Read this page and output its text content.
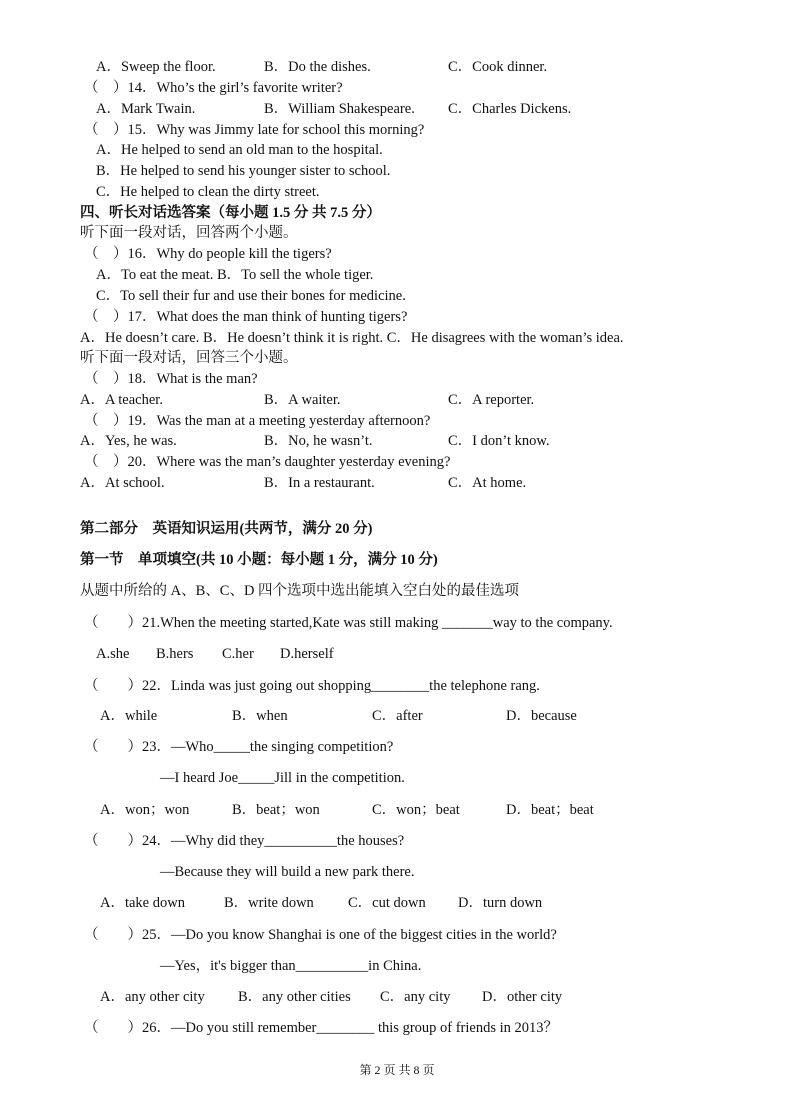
A．Sweep the floor.	B．Do the dishes.	C．Cook dinner.
（　）14．Who’s the girl’s favorite writer?
A．Mark Twain.	B．William Shakespeare. C．Charles Dickens.
（　）15．Why was Jimmy late for school this morning?
A．He helped to send an old man to the hospital.
B．He helped to send his younger sister to school.
C．He helped to clean the dirty street.
四、听长对话选答案（每小题 1.5 分 共 7.5 分）
听下面一段对话，回答两个小题。
（　）16．Why do people kill the tigers?
A．To eat the meat. B．To sell the whole tiger.
C．To sell their fur and use their bones for medicine.
（　）17．What does the man think of hunting tigers?
A．He doesn’t care. B．He doesn’t think it is right. C．He disagrees with the woman’s idea.
听下面一段对话，回答三个小题。
（　）18．What is the man?
A．A teacher.	B．A waiter.	C．A reporter.
（　）19．Was the man at a meeting yesterday afternoon?
A．Yes, he was.	B．No, he wasn’t.	C．I don’t know.
（　）20．Where was the man’s daughter yesterday evening?
A．At school.	B．In a restaurant.	C．At home.
第二部分　英语知识运用(共两节，满分 20 分)
第一节　单项填空(共 10 小题：每小题 1 分，满分 10 分)
从题中所给的 A、B、C、D 四个选项中选出能填入空白处的最佳选项
（　　）21.When the meeting started,Kate was still making _______way to the company.
A.she B.hers C.her D.herself
（　　）22．Linda was just going out shopping________the telephone rang.
A．while	B．when	C．after	D．because
（　　）23．—Who_____the singing competition?
—I heard Joe_____Jill in the competition.
A．won；won	B．beat；won	C．won；beat	D．beat；beat
（　　）24．—Why did they__________the houses?
—Because they will build a new park there.
A．take down	B．write down C．cut down D．turn down
（　　）25．—Do you know Shanghai is one of the biggest cities in the world?
—Yes，it's bigger than__________in China.
A．any other city B．any other cities C．any city D．other city
（　　）26．—Do you still remember________ this group of friends in 2013？
第 2 页 共 8 页
